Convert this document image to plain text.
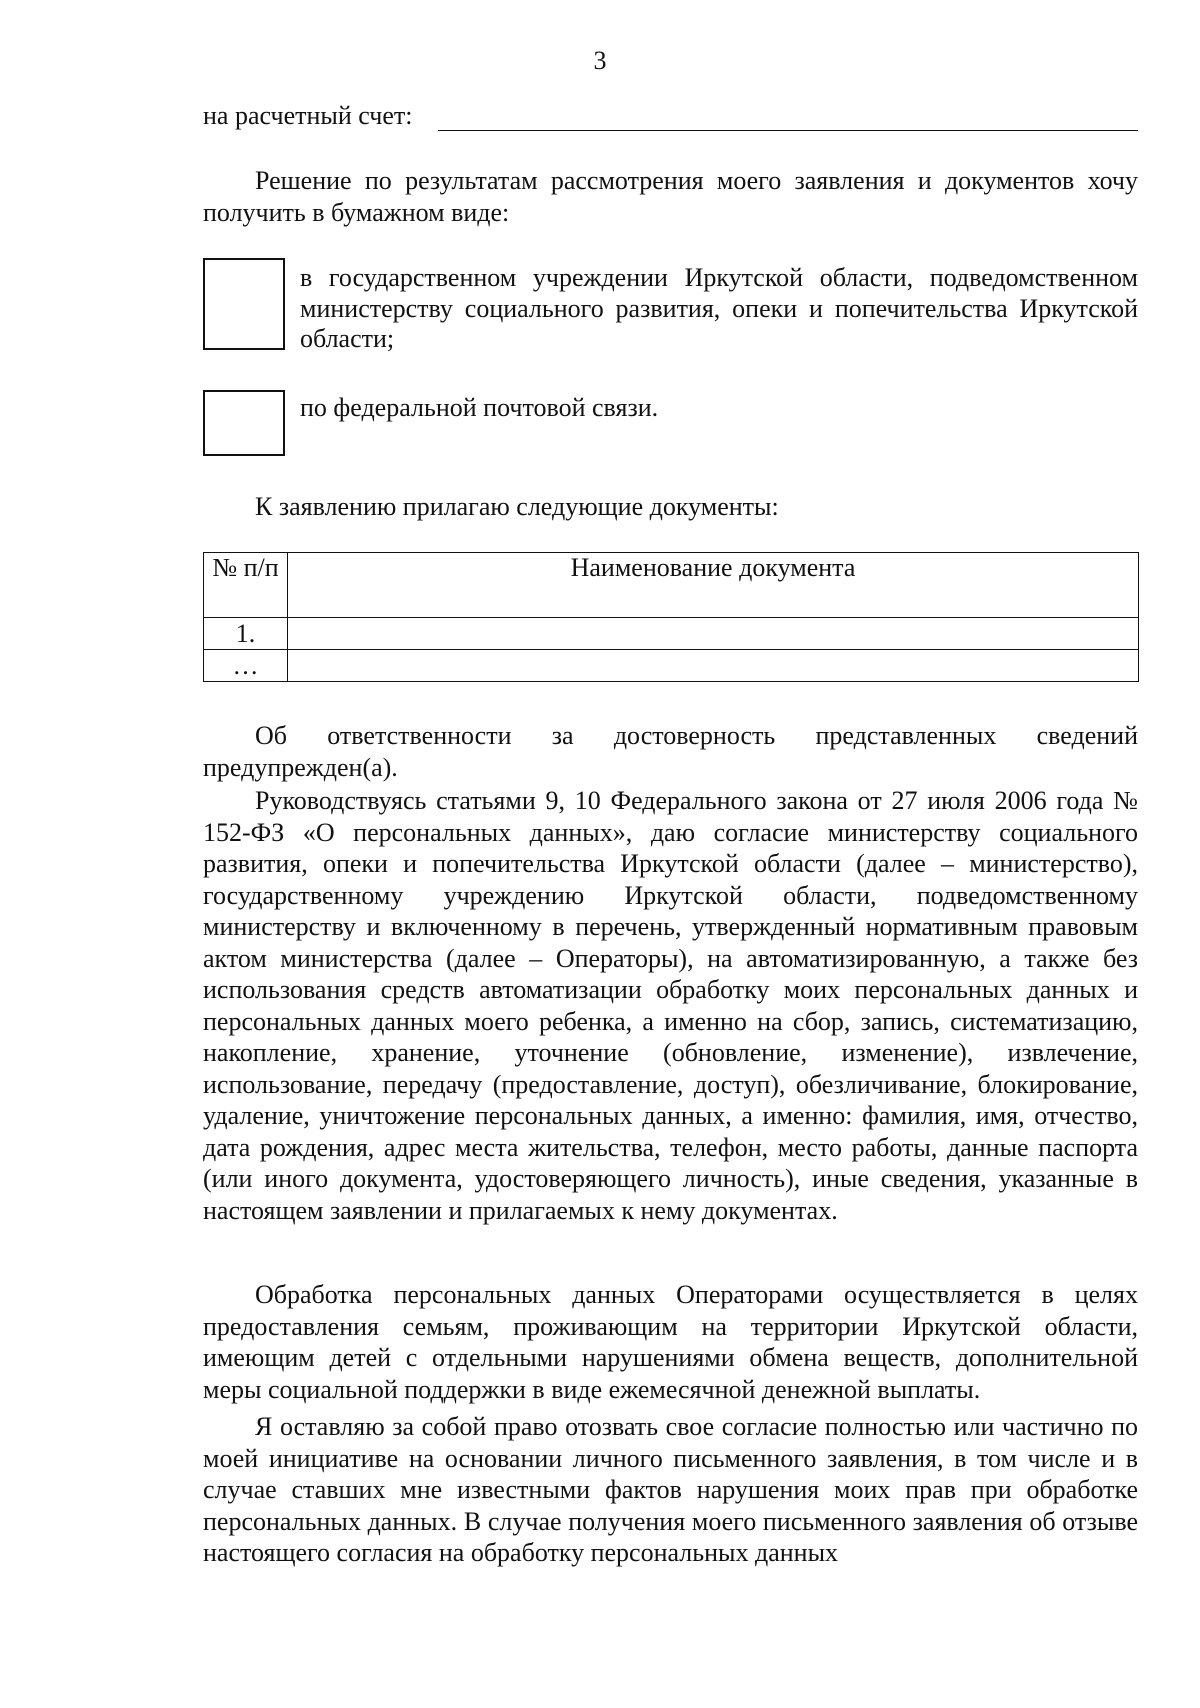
3
на расчетный счет:

Решение по результатам рассмотрения моего заявления и документов хочу получить в бумажном виде:

в государственном учреждении Иркутской области, подведомственном министерству социального развития, опеки и попечительства Иркутской области;

по федеральной почтовой связи.

К заявлению прилагаю следующие документы:

№ п/п	Наименование документа
1.	
…	

Об ответственности за достоверность представленных сведений предупрежден(а).

Руководствуясь статьями 9, 10 Федерального закона от 27 июля 2006 года № 152-ФЗ «О персональных данных», даю согласие министерству социального развития, опеки и попечительства Иркутской области (далее – министерство), государственному учреждению Иркутской области, подведомственному министерству и включенному в перечень, утвержденный нормативным правовым актом министерства (далее – Операторы), на автоматизированную, а также без использования средств автоматизации обработку моих персональных данных и персональных данных моего ребенка, а именно на сбор, запись, систематизацию, накопление, хранение, уточнение (обновление, изменение), извлечение, использование, передачу (предоставление, доступ), обезличивание, блокирование, удаление, уничтожение персональных данных, а именно: фамилия, имя, отчество, дата рождения, адрес места жительства, телефон, место работы, данные паспорта (или иного документа, удостоверяющего личность), иные сведения, указанные в настоящем заявлении и прилагаемых к нему документах.

Обработка персональных данных Операторами осуществляется в целях предоставления семьям, проживающим на территории Иркутской области, имеющим детей с отдельными нарушениями обмена веществ, дополнительной меры социальной поддержки в виде ежемесячной денежной выплаты.

Я оставляю за собой право отозвать свое согласие полностью или частично по моей инициативе на основании личного письменного заявления, в том числе и в случае ставших мне известными фактов нарушения моих прав при обработке персональных данных. В случае получения моего письменного заявления об отзыве настоящего согласия на обработку персональных данных
